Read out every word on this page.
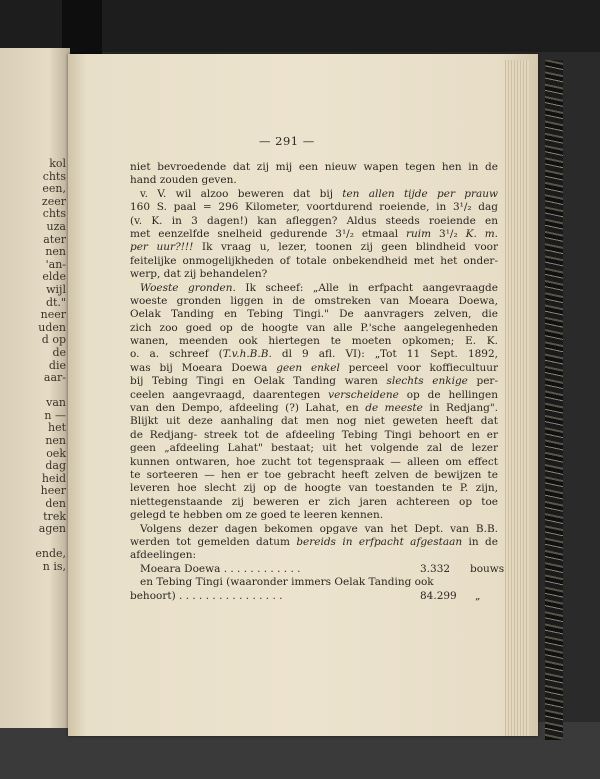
kol
chts
een,
zeer
chts
uza
ater
nen
'an-
elde
wijl
dt."
neer
uden
d op
de
die
aar-

van
n —
het
nen
oek
dag
heid
heer
den
trek
agen

ende,
n is,
— 291 —
niet bevroedende dat zij mij een nieuw wapen tegen hen in de
hand zouden geven.
v. V. wil alzoo beweren dat bij ten allen tijde per prauw
160 S. paal = 296 Kilometer, voortdurend roeiende, in 3¹/₂ dag
(v. K. in 3 dagen!) kan afleggen? Aldus steeds roeiende en
met eenzelfde snelheid gedurende 3¹/₂ etmaal ruim 3¹/₂ K. m.
per uur?!!! Ik vraag u, lezer, toonen zij geen blindheid voor
feitelijke onmogelijkheden of totale onbekendheid met het onder-
werp, dat zij behandelen?
Woeste gronden. Ik scheef: „Alle in erfpacht aangevraagde
woeste gronden liggen in de omstreken van Moeara Doewa,
Oelak Tanding en Tebing Tingi." De aanvragers zelven, die
zich zoo goed op de hoogte van alle P.'sche aangelegenheden
wanen, meenden ook hiertegen te moeten opkomen; E. K.
o. a. schreef (T.v.h.B.B. dl 9 afl. VI): „Tot 11 Sept. 1892,
was bij Moeara Doewa geen enkel perceel voor koffiecultuur
bij Tebing Tingi en Oelak Tanding waren slechts enkige per-
ceelen aangevraagd, daarentegen verscheidene op de hellingen
van den Dempo, afdeeling (?) Lahat, en de meeste in Redjang".
Blijkt uit deze aanhaling dat men nog niet geweten heeft dat
de Redjang- streek tot de afdeeling Tebing Tingi behoort en er
geen „afdeeling Lahat" bestaat; uit het volgende zal de lezer
kunnen ontwaren, hoe zucht tot tegenspraak — alleen om effect
te sorteeren — hen er toe gebracht heeft zelven de bewijzen te
leveren hoe slecht zij op de hoogte van toestanden te P. zijn,
niettegenstaande zij beweren er zich jaren achtereen op toe
gelegd te hebben om ze goed te leeren kennen.
Volgens dezer dagen bekomen opgave van het Dept. van B.B.
werden tot gemelden datum bereids in erfpacht afgestaan in de
afdeelingen:
Moeara Doewa . . . . . . . . . . . .	3.332 bouws
en Tebing Tingi (waaronder immers Oelak Tanding ook
behoort) . . . . . . . . . . . . . . . .	84.299 „
